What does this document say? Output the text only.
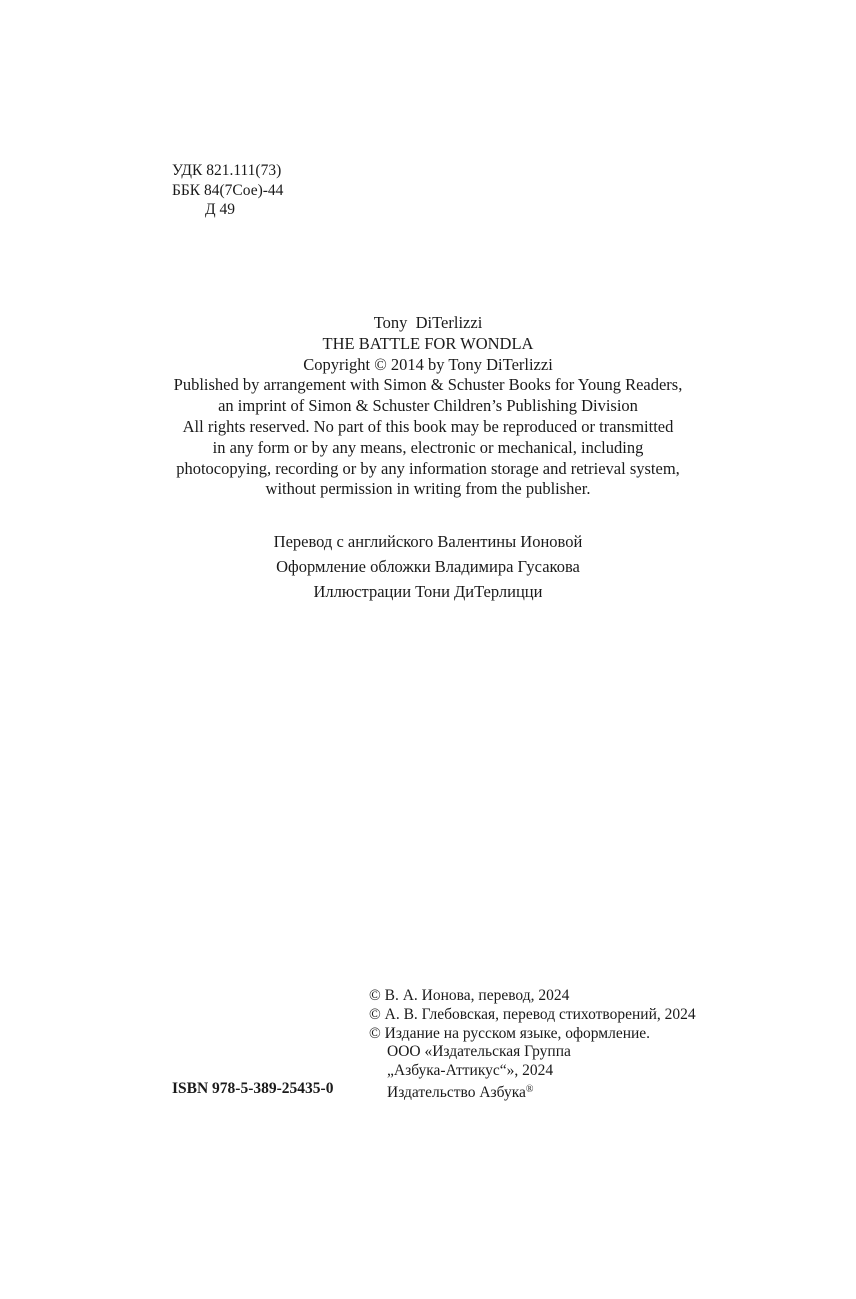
УДК 821.111(73)
ББК 84(7Сое)-44
Д 49
Tony  DiTerlizzi
THE BATTLE FOR WONDLA
Copyright © 2014 by Tony DiTerlizzi
Published by arrangement with Simon & Schuster Books for Young Readers,
an imprint of Simon & Schuster Children’s Publishing Division
All rights reserved. No part of this book may be reproduced or transmitted
in any form or by any means, electronic or mechanical, including
photocopying, recording or by any information storage and retrieval system,
without permission in writing from the publisher.
Перевод с английского Валентины Ионовой
Оформление обложки Владимира Гусакова
Иллюстрации Тони ДиТерлицци
© В. А. Ионова, перевод, 2024
© А. В. Глебовская, перевод стихотворений, 2024
© Издание на русском языке, оформление.
ООО «Издательская Группа
„Азбука-Аттикус“», 2024
Издательство Азбука®
ISBN 978-5-389-25435-0
